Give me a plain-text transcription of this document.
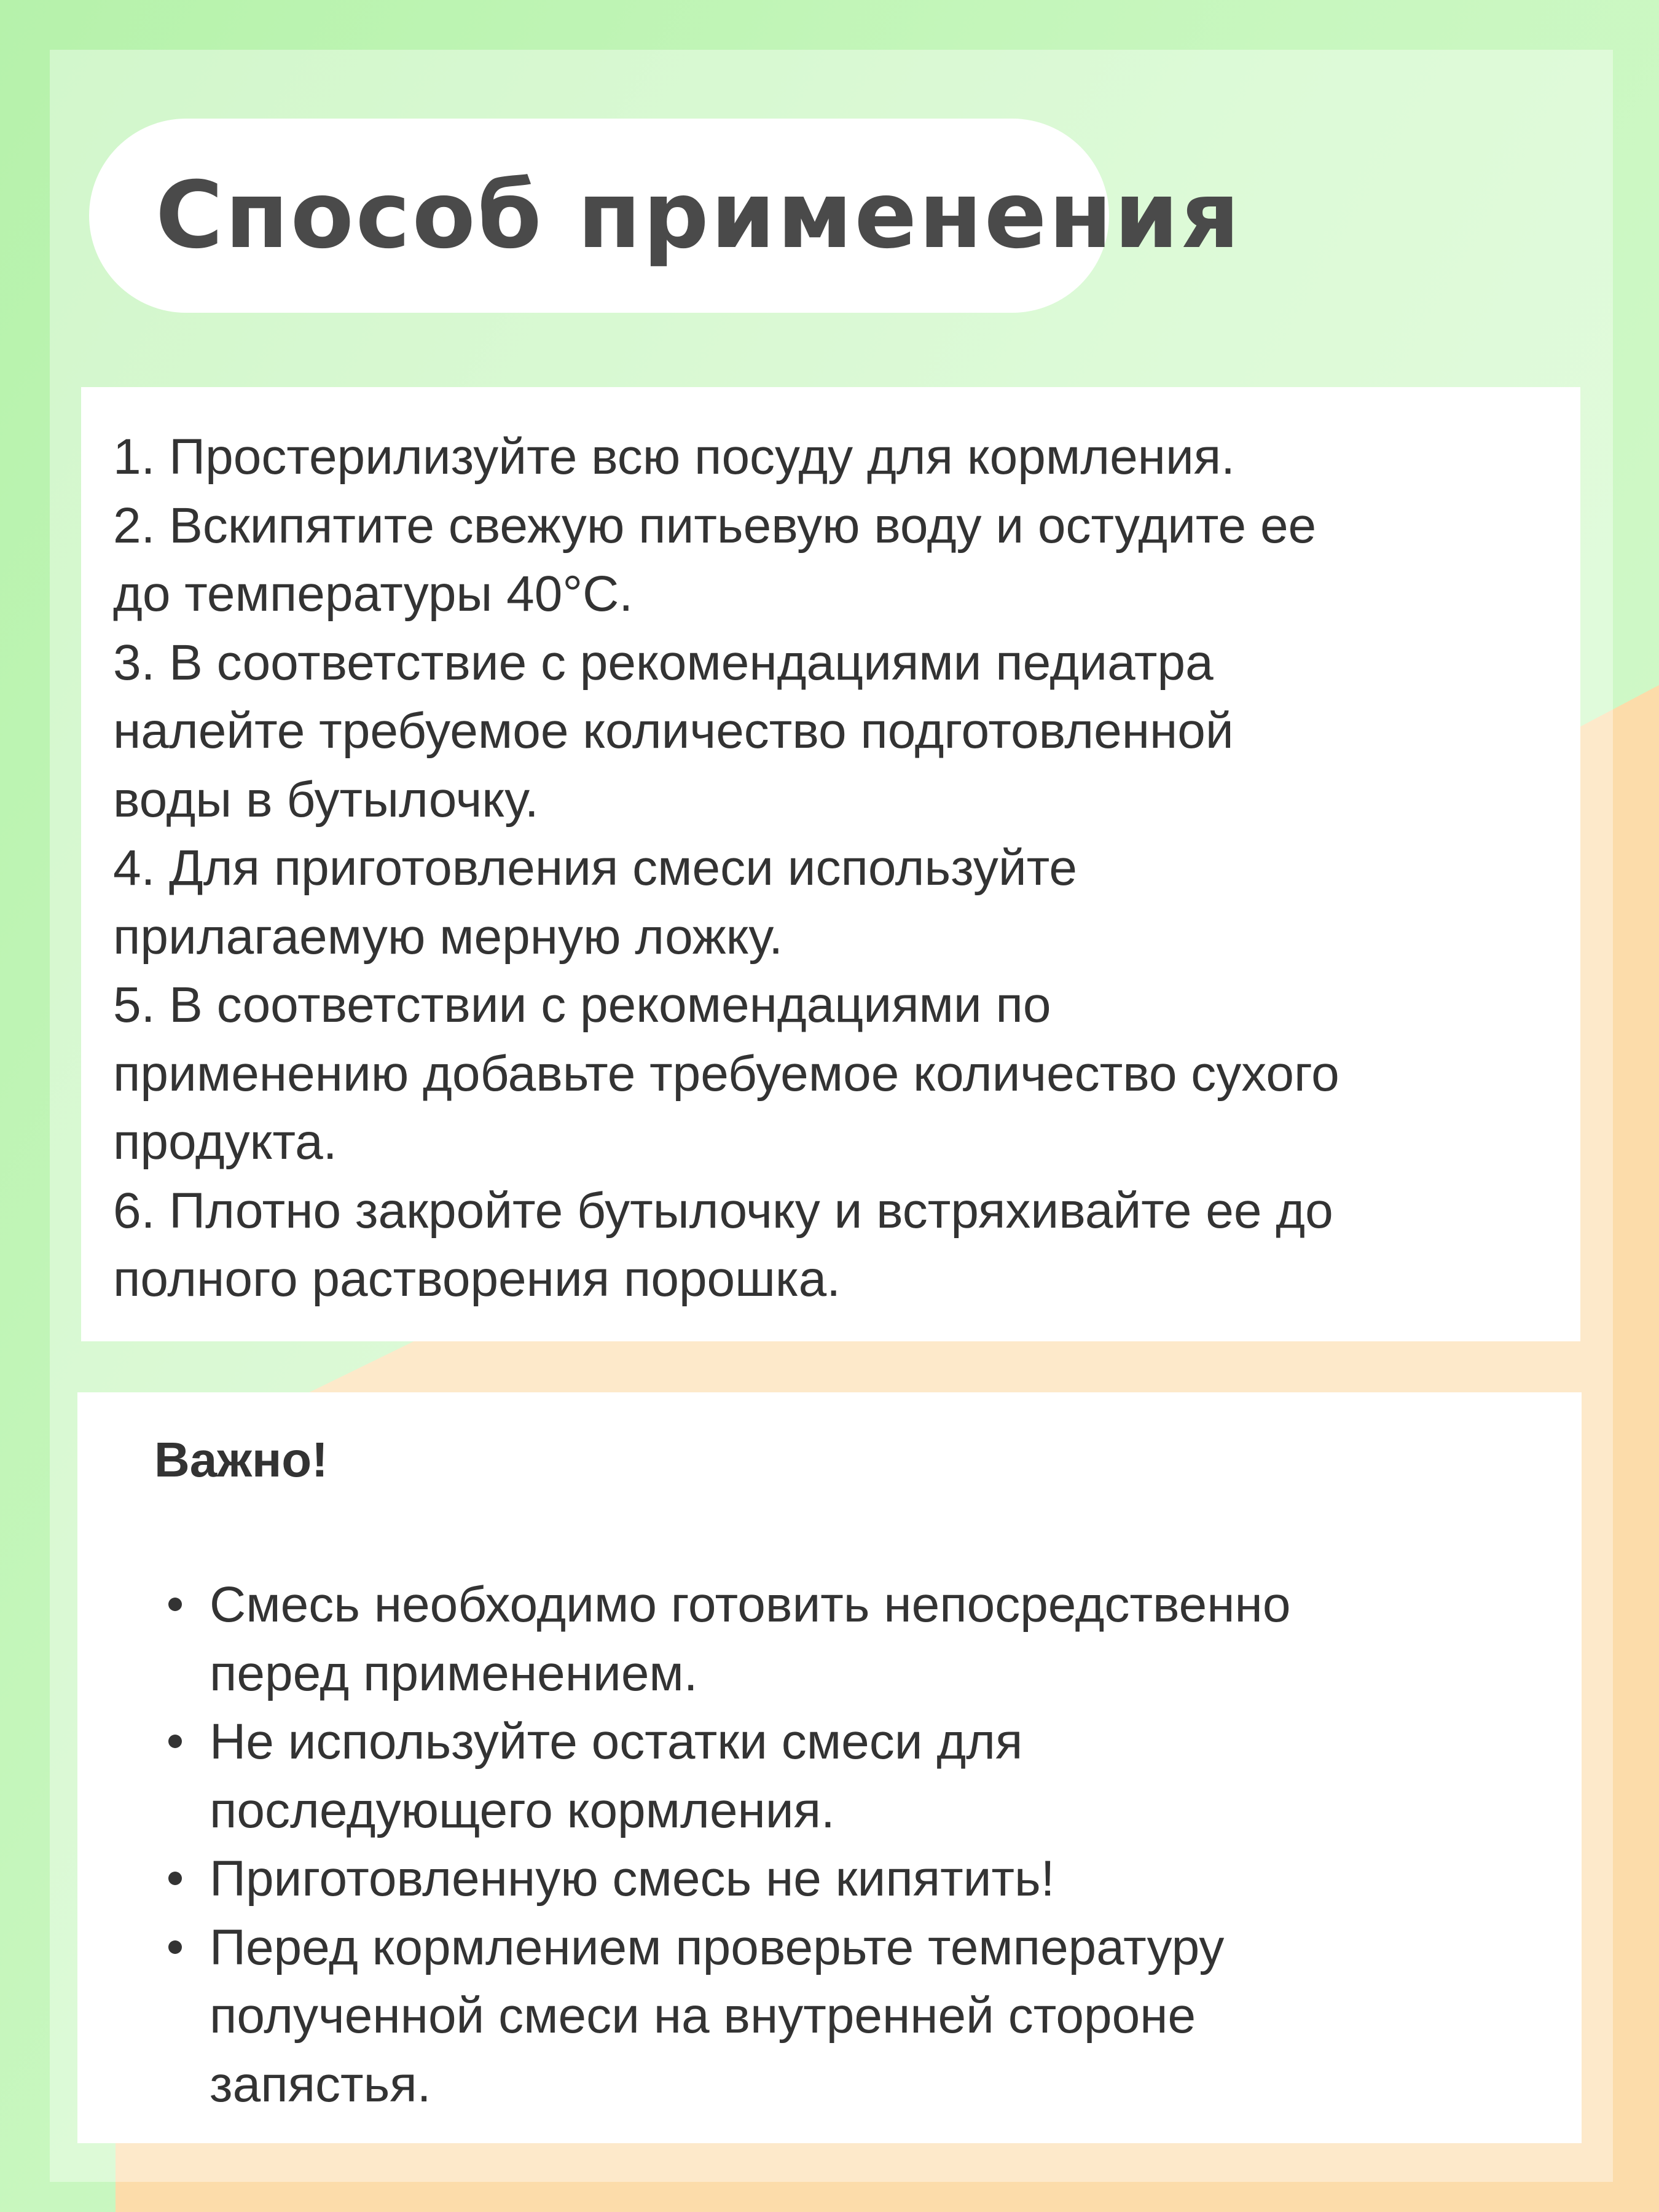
Способ применения
1. Простерилизуйте всю посуду для кормления.
2. Вскипятите свежую питьевую воду и остудите ее
до температуры 40°С.
3. В соответствие с рекомендациями педиатра
налейте требуемое количество подготовленной
воды в бутылочку.
4. Для приготовления смеси используйте
прилагаемую мерную ложку.
5. В соответствии с рекомендациями по
применению добавьте требуемое количество сухого
продукта.
6. Плотно закройте бутылочку и встряхивайте ее до
полного растворения порошка.
Важно!
Смесь необходимо готовить непосредственно
перед применением.
Не используйте остатки смеси для
последующего кормления.
Приготовленную смесь не кипятить!
Перед кормлением проверьте температуру
полученной смеси на внутренней стороне
запястья.
